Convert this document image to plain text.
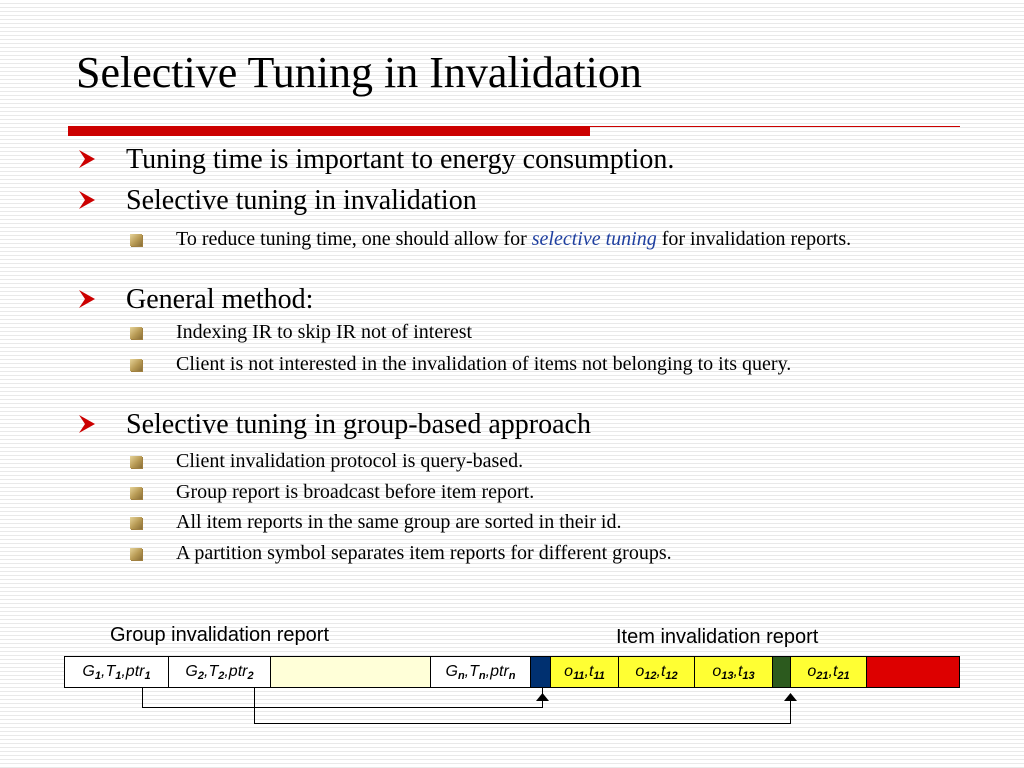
Selective Tuning in Invalidation
Tuning time is important to energy consumption.
Selective tuning in invalidation
To reduce tuning time, one should allow for selective tuning for invalidation reports.
General method:
Indexing IR to skip IR not of interest
Client is not interested in the invalidation of items not belonging to its query.
Selective tuning in group-based approach
Client invalidation protocol is query-based.
Group report is broadcast before item report.
All item reports in the same group are sorted in their id.
A partition symbol separates item reports for different groups.
Group invalidation report	Item invalidation report
$G_1,T_1,ptr_1$	$G_2,T_2,ptr_2$	$G_n,T_n,ptr_n$	$o_{11},t_{11}$	$o_{12},t_{12}$	$o_{13},t_{13}$	$o_{21},t_{21}$
